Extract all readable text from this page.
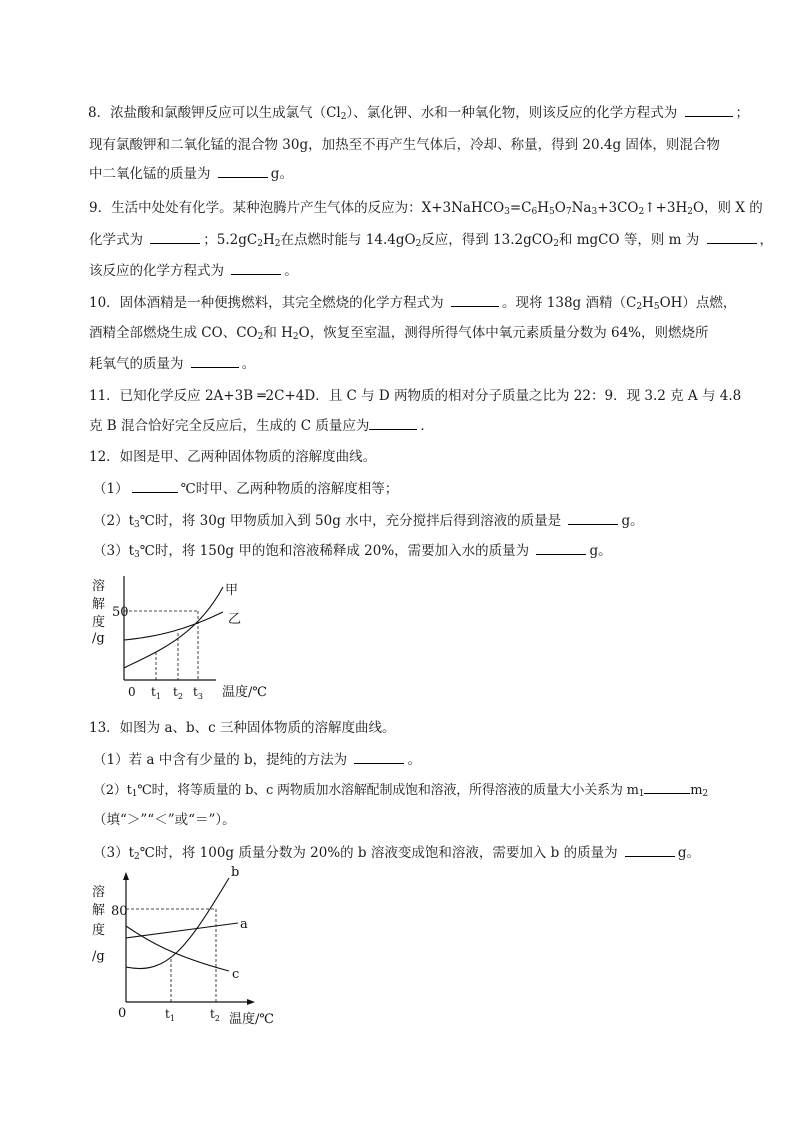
8．浓盐酸和氯酸钾反应可以生成氯气$(Cl_2)$、氯化钾、水和一种氧化物，则该反应的化学方程式为	；
现有氯酸钾和二氧化锰的混合物 30g，加热至不再产生气体后，冷却、称量，得到 20.4g 固体，则混合物
中二氧化锰的质量为	g。
9．生活中处处有化学。某种泡腾片产生气体的反应为：$X+3NaHCO_3=C_6H_5O_7Na_3+3CO_2↑+3H_2O$，则 X 的
化学式为	；$5.2gC_2H_2$在点燃时能与 $14.4gO_2$反应，得到 13.2gCO$_2$和 mgCO 等，则 m 为	，
该反应的化学方程式为	。
10．固体酒精是一种便携燃料，其完全燃烧的化学方程式为	。现将 138g 酒精$(C_2H_5OH)$点燃，
酒精全部燃烧生成 CO、$CO_2$和 $H_2O$，恢复至室温，测得所得气体中氧元素质量分数为 64%，则燃烧所
耗氧气的质量为	。
11．已知化学反应 2A+3B ═2C+4D．且 C 与 D 两物质的相对分子质量之比为 22：9．现 3.2 克 A 与 4.8
克 B 混合恰好完全反应后，生成的 C 质量应为	．
12．如图是甲、乙两种固体物质的溶解度曲线。
（1）	℃时甲、乙两种物质的溶解度相等；
$(2)t_3℃$时，将 30g 甲物质加入到 50g 水中，充分搅拌后得到溶液的质量是	g。
$(3)t_3℃$时，将 150g 甲的饱和溶液稀释成 20%，需要加入水的质量为	g。
溶
解
度
/g
50
甲
乙
0 $t_1$ $t_2$ $t_3$ 温度/℃
13．如图为 a、b、c 三种固体物质的溶解度曲线。
（1）若 a 中含有少量的 b，提纯的方法为	。
$(2)t_1℃$时，将等质量的 b、c 两物质加水溶解配制成饱和溶液，所得溶液的质量大小关系为 $m_1$	$m_2$
（填“＞”“＜”或“＝”）。
$(3)t_2℃$时，将 100g 质量分数为 20%的 b 溶液变成饱和溶液，需要加入 b 的质量为	g。
溶
解
度
/g
80
b
a
c
0	$t_1$	$t_2$ 温度/℃
